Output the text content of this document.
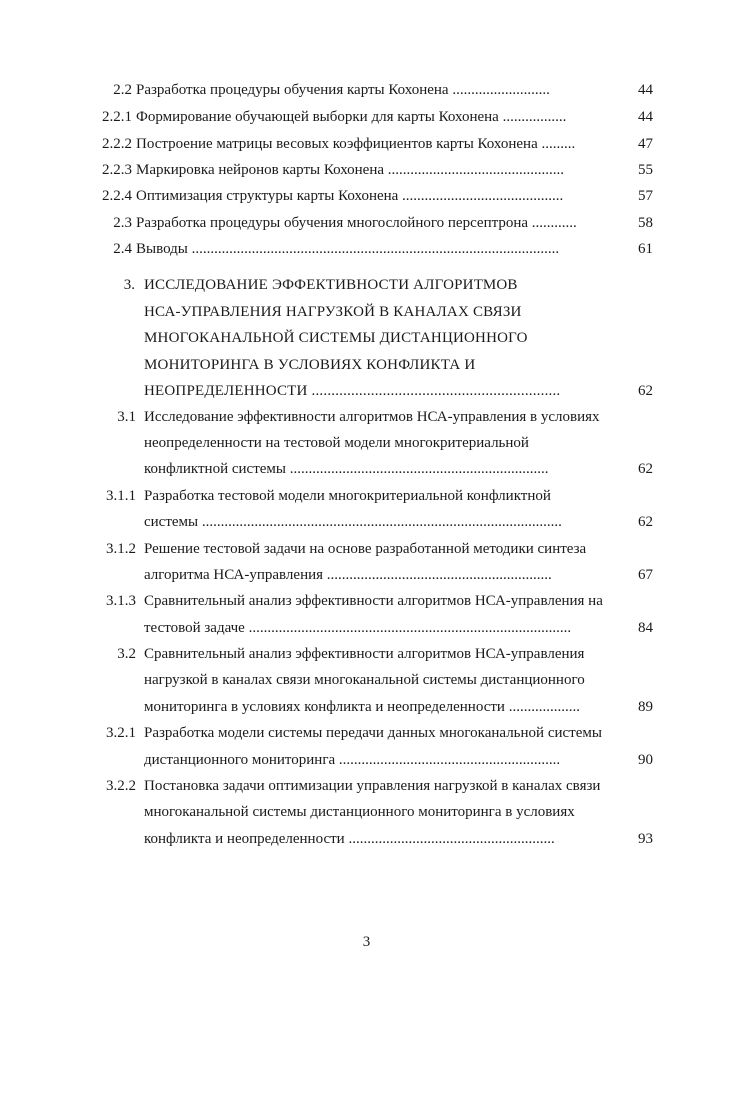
2.2 Разработка процедуры обучения карты Кохонена ..........................	44
2.2.1 Формирование обучающей выборки для карты Кохонена .................	44
2.2.2 Построение матрицы весовых коэффициентов карты Кохонена .........	47
2.2.3 Маркировка нейронов карты Кохонена ...............................................	55
2.2.4 Оптимизация структуры карты Кохонена ...........................................	57
2.3 Разработка процедуры обучения многослойного персептрона ............	58
2.4 Выводы ..................................................................................................	61
3. ИССЛЕДОВАНИЕ ЭФФЕКТИВНОСТИ АЛГОРИТМОВ
НСА-УПРАВЛЕНИЯ НАГРУЗКОЙ В КАНАЛАХ СВЯЗИ
МНОГОКАНАЛЬНОЙ СИСТЕМЫ ДИСТАНЦИОННОГО
МОНИТОРИНГА В УСЛОВИЯХ КОНФЛИКТА И
НЕОПРЕДЕЛЕННОСТИ ...............................................................	62
3.1 Исследование эффективности алгоритмов НСА-управления в условиях
неопределенности на тестовой модели многокритериальной
конфликтной системы .....................................................................	62
3.1.1 Разработка тестовой модели многокритериальной конфликтной
системы ................................................................................................	62
3.1.2 Решение тестовой задачи на основе разработанной методики синтеза
алгоритма НСА-управления ............................................................	67
3.1.3 Сравнительный анализ эффективности алгоритмов НСА-управления на
тестовой задаче ......................................................................................	84
3.2 Сравнительный анализ эффективности алгоритмов НСА-управления
нагрузкой в каналах связи многоканальной системы дистанционного
мониторинга в условиях конфликта и неопределенности ...................	89
3.2.1 Разработка модели системы передачи данных многоканальной системы
дистанционного мониторинга ...........................................................	90
3.2.2 Постановка задачи оптимизации управления нагрузкой в каналах связи
многоканальной системы дистанционного мониторинга в условиях
конфликта и неопределенности .......................................................	93
3
